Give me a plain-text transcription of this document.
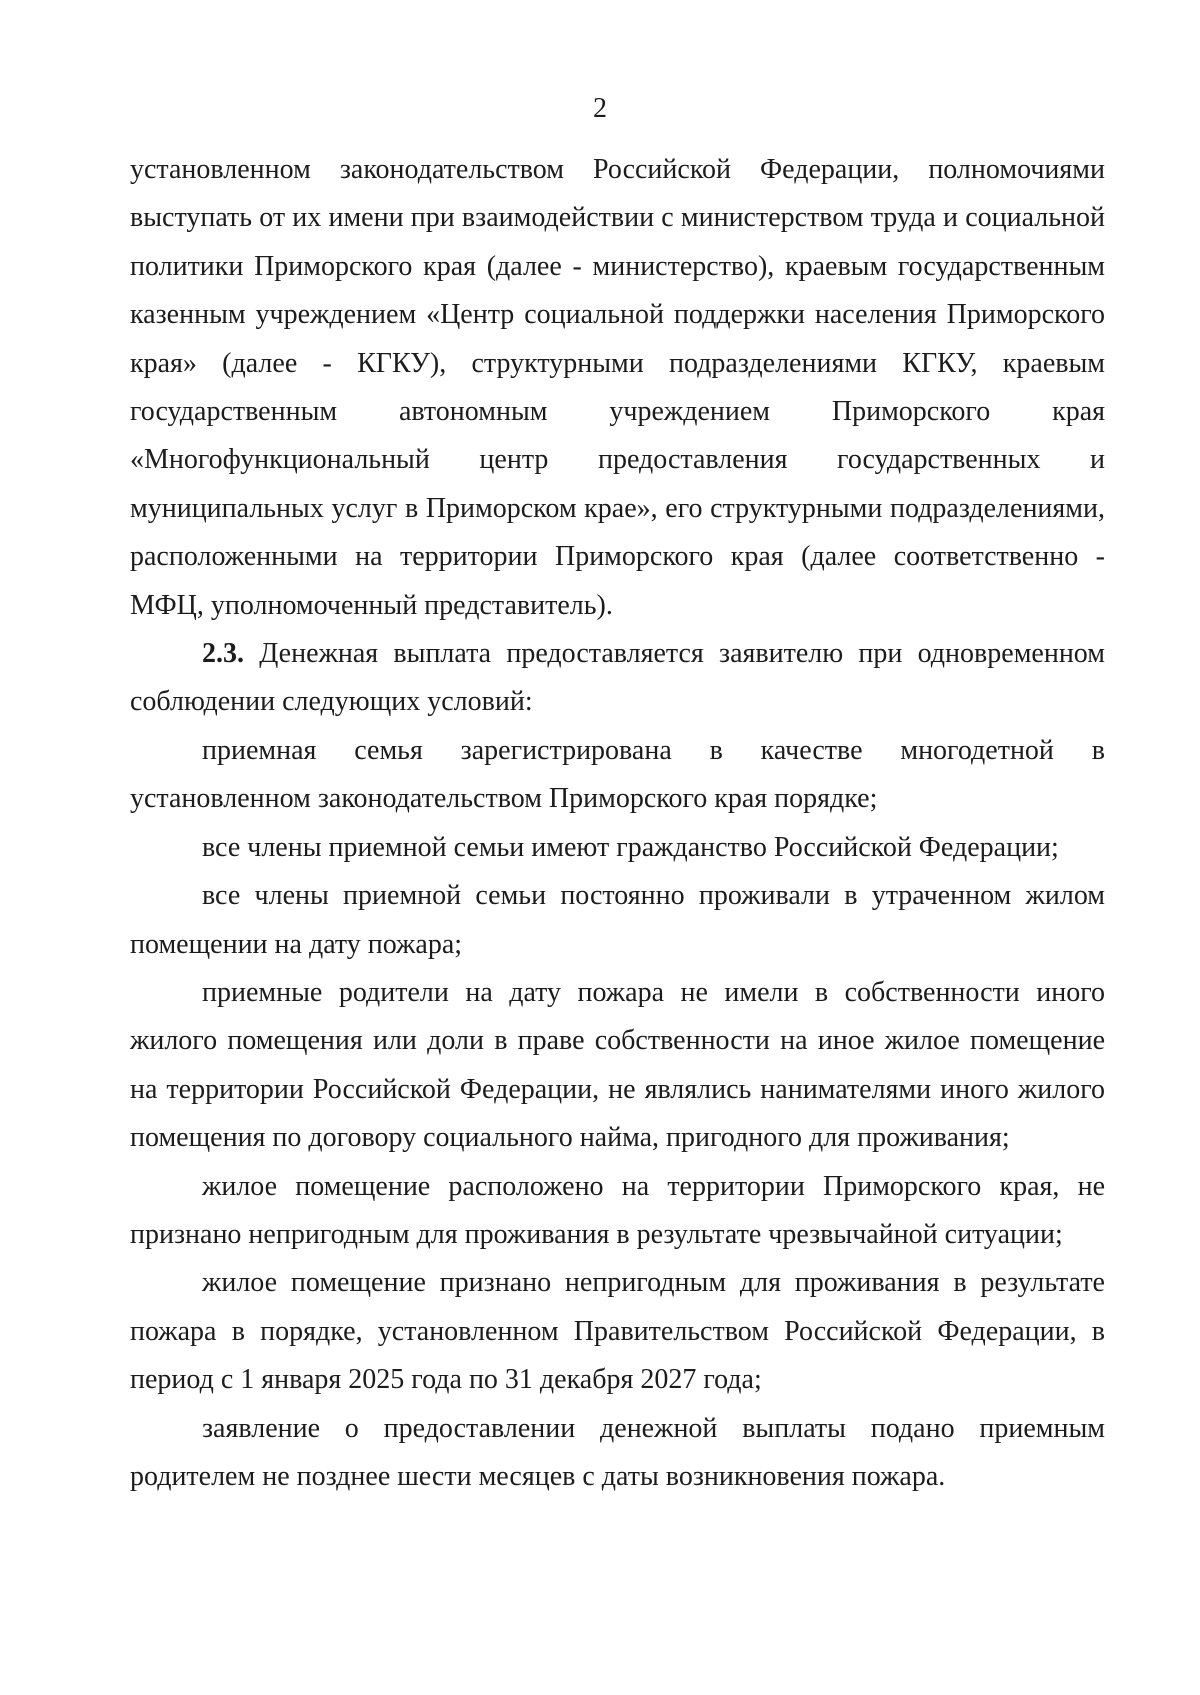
2

установленном законодательством Российской Федерации, полномочиями выступать от их имени при взаимодействии с министерством труда и социальной политики Приморского края (далее - министерство), краевым государственным казенным учреждением «Центр социальной поддержки населения Приморского края» (далее - КГКУ), структурными подразделениями КГКУ, краевым государственным автономным учреждением Приморского края «Многофункциональный центр предоставления государственных и муниципальных услуг в Приморском крае», его структурными подразделениями, расположенными на территории Приморского края (далее соответственно - МФЦ, уполномоченный представитель).

2.3. Денежная выплата предоставляется заявителю при одновременном соблюдении следующих условий:

приемная семья зарегистрирована в качестве многодетной в установленном законодательством Приморского края порядке;

все члены приемной семьи имеют гражданство Российской Федерации;

все члены приемной семьи постоянно проживали в утраченном жилом помещении на дату пожара;

приемные родители на дату пожара не имели в собственности иного жилого помещения или доли в праве собственности на иное жилое помещение на территории Российской Федерации, не являлись нанимателями иного жилого помещения по договору социального найма, пригодного для проживания;

жилое помещение расположено на территории Приморского края, не признано непригодным для проживания в результате чрезвычайной ситуации;

жилое помещение признано непригодным для проживания в результате пожара в порядке, установленном Правительством Российской Федерации, в период с 1 января 2025 года по 31 декабря 2027 года;

заявление о предоставлении денежной выплаты подано приемным родителем не позднее шести месяцев с даты возникновения пожара.
